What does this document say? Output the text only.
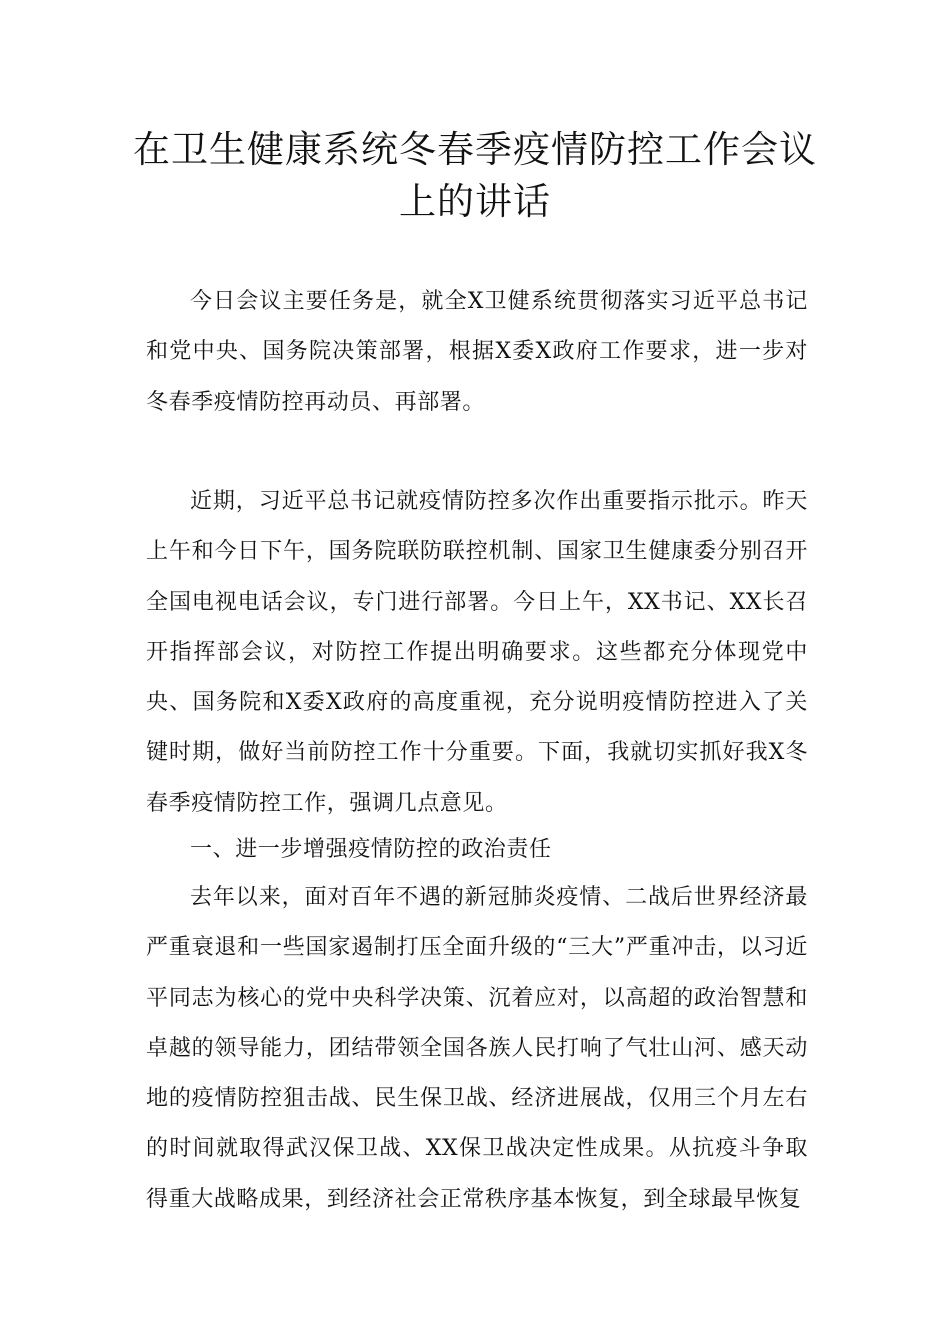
在卫生健康系统冬春季疫情防控工作会议上的讲话

今日会议主要任务是，就全X卫健系统贯彻落实习近平总书记和党中央、国务院决策部署，根据X委X政府工作要求，进一步对冬春季疫情防控再动员、再部署。

近期，习近平总书记就疫情防控多次作出重要指示批示。昨天上午和今日下午，国务院联防联控机制、国家卫生健康委分别召开全国电视电话会议，专门进行部署。今日上午，XX书记、XX长召开指挥部会议，对防控工作提出明确要求。这些都充分体现党中央、国务院和X委X政府的高度重视，充分说明疫情防控进入了关键时期，做好当前防控工作十分重要。下面，我就切实抓好我X冬春季疫情防控工作，强调几点意见。

一、进一步增强疫情防控的政治责任

去年以来，面对百年不遇的新冠肺炎疫情、二战后世界经济最严重衰退和一些国家遏制打压全面升级的“三大”严重冲击，以习近平同志为核心的党中央科学决策、沉着应对，以高超的政治智慧和卓越的领导能力，团结带领全国各族人民打响了气壮山河、感天动地的疫情防控狙击战、民生保卫战、经济进展战，仅用三个月左右的时间就取得武汉保卫战、XX保卫战决定性成果。从抗疫斗争取得重大战略成果，到经济社会正常秩序基本恢复，到全球最早恢复
